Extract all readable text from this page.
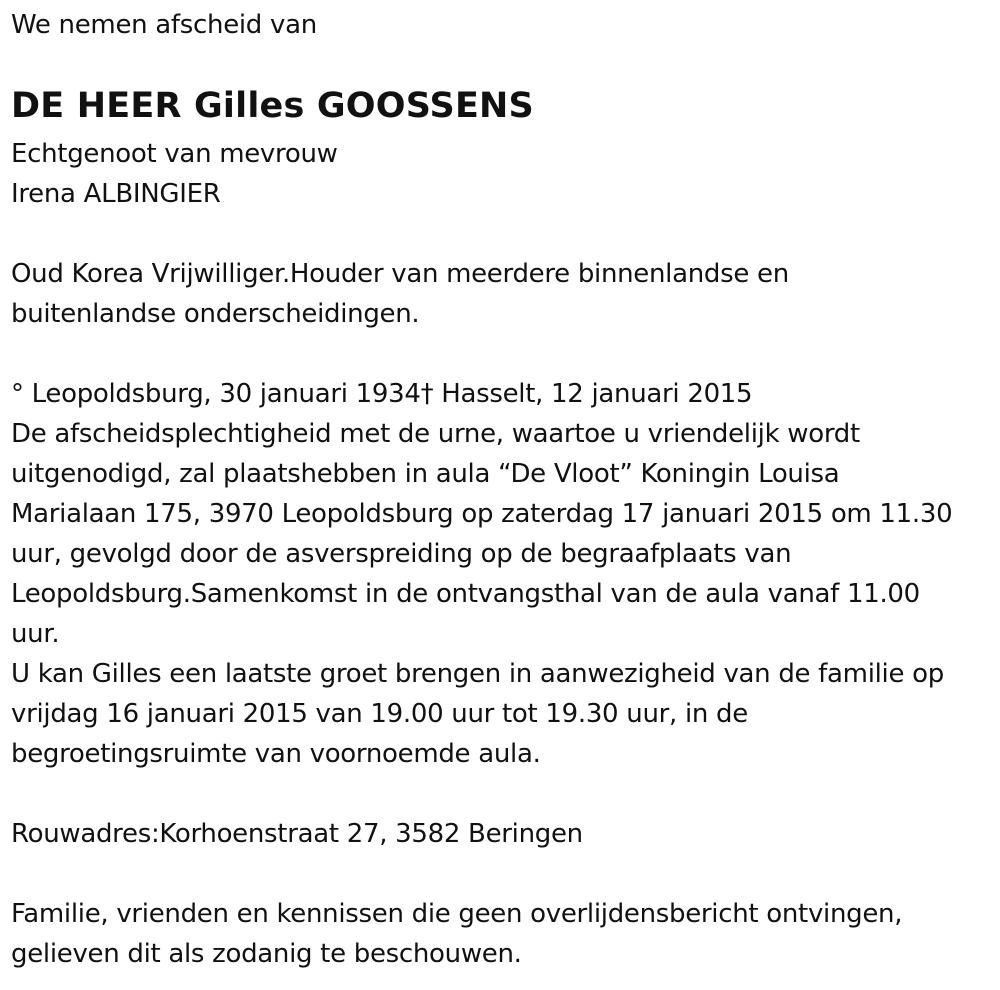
We nemen afscheid van
DE HEER Gilles GOOSSENS
Echtgenoot van mevrouw
Irena ALBINGIER
Oud Korea Vrijwilliger.Houder van meerdere binnenlandse en
buitenlandse onderscheidingen.
° Leopoldsburg, 30 januari 1934† Hasselt, 12 januari 2015
De afscheidsplechtigheid met de urne, waartoe u vriendelijk wordt
uitgenodigd, zal plaatshebben in aula “De Vloot” Koningin Louisa
Marialaan 175, 3970 Leopoldsburg op zaterdag 17 januari 2015 om 11.30
uur, gevolgd door de asverspreiding op de begraafplaats van
Leopoldsburg.Samenkomst in de ontvangsthal van de aula vanaf 11.00
uur.
U kan Gilles een laatste groet brengen in aanwezigheid van de familie op
vrijdag 16 januari 2015 van 19.00 uur tot 19.30 uur, in de
begroetingsruimte van voornoemde aula.
Rouwadres:Korhoenstraat 27, 3582 Beringen
Familie, vrienden en kennissen die geen overlijdensbericht ontvingen,
gelieven dit als zodanig te beschouwen.
